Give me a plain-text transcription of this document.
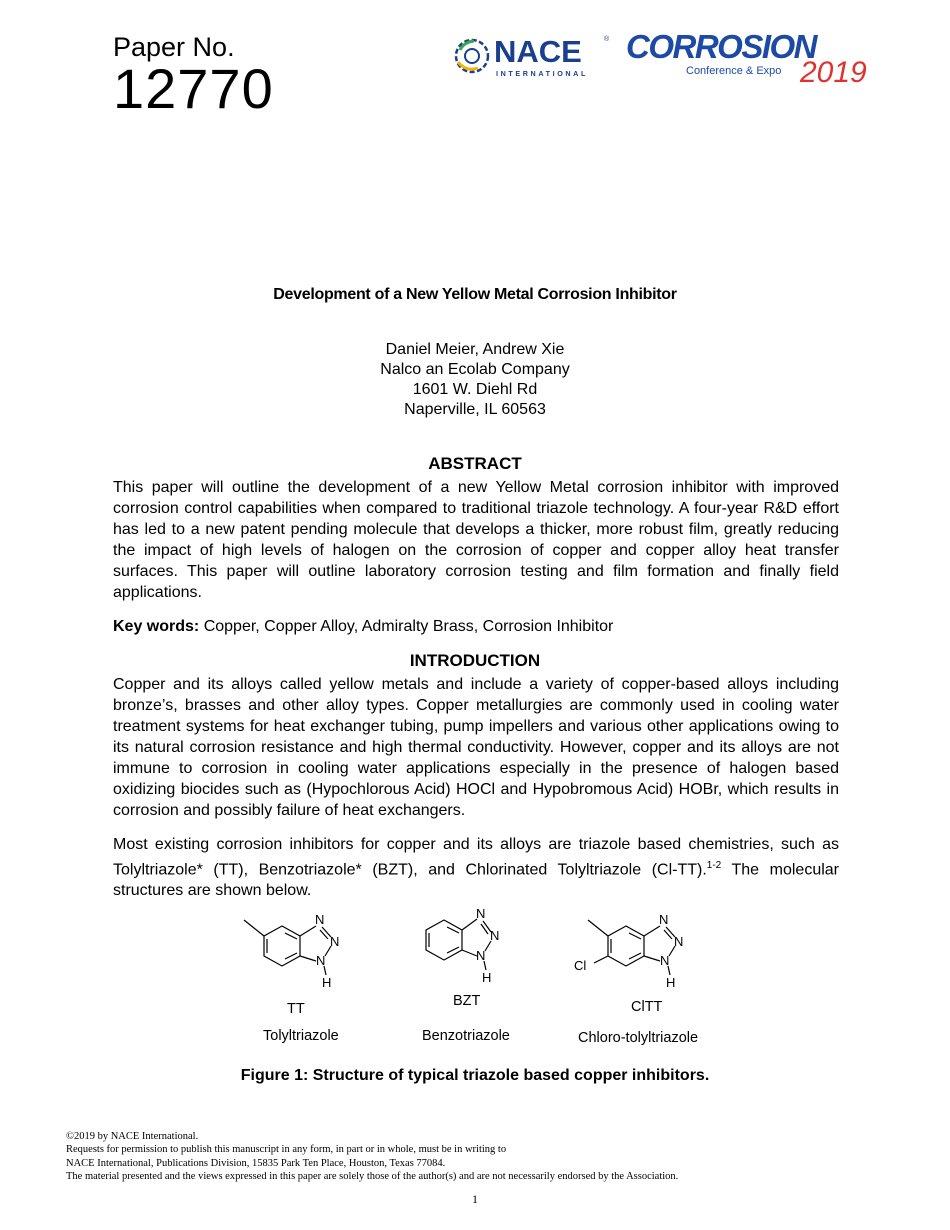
Paper No.
12770
NACE	®
INTERNATIONAL
CORROSION
Conference & Expo 2019
Development of a New Yellow Metal Corrosion Inhibitor
Daniel Meier, Andrew Xie
Nalco an Ecolab Company
1601 W. Diehl Rd
Naperville, IL 60563
ABSTRACT
This paper will outline the development of a new Yellow Metal corrosion inhibitor with improved corrosion control capabilities when compared to traditional triazole technology. A four-year R&D effort has led to a new patent pending molecule that develops a thicker, more robust film, greatly reducing the impact of high levels of halogen on the corrosion of copper and copper alloy heat transfer surfaces. This paper will outline laboratory corrosion testing and film formation and finally field applications.
Key words: Copper, Copper Alloy, Admiralty Brass, Corrosion Inhibitor
INTRODUCTION
Copper and its alloys called yellow metals and include a variety of copper-based alloys including bronze’s, brasses and other alloy types. Copper metallurgies are commonly used in cooling water treatment systems for heat exchanger tubing, pump impellers and various other applications owing to its natural corrosion resistance and high thermal conductivity. However, copper and its alloys are not immune to corrosion in cooling water applications especially in the presence of halogen based oxidizing biocides such as (Hypochlorous Acid) HOCl and Hypobromous Acid) HOBr, which results in corrosion and possibly failure of heat exchangers.
Most existing corrosion inhibitors for copper and its alloys are triazole based chemistries, such as Tolyltriazole* (TT), Benzotriazole* (BZT), and Chlorinated Tolyltriazole (Cl-TT).$^{1-2}$ The molecular structures are shown below.
N
N
N
H
N
N
N
H
N
N
N
H
Cl
TT	BZT	ClTT
Tolyltriazole	Benzotriazole	Chloro-tolyltriazole
Figure 1: Structure of typical triazole based copper inhibitors.
©2019 by NACE International.
Requests for permission to publish this manuscript in any form, in part or in whole, must be in writing to
NACE International, Publications Division, 15835 Park Ten Place, Houston, Texas 77084.
The material presented and the views expressed in this paper are solely those of the author(s) and are not necessarily endorsed by the Association.
1
